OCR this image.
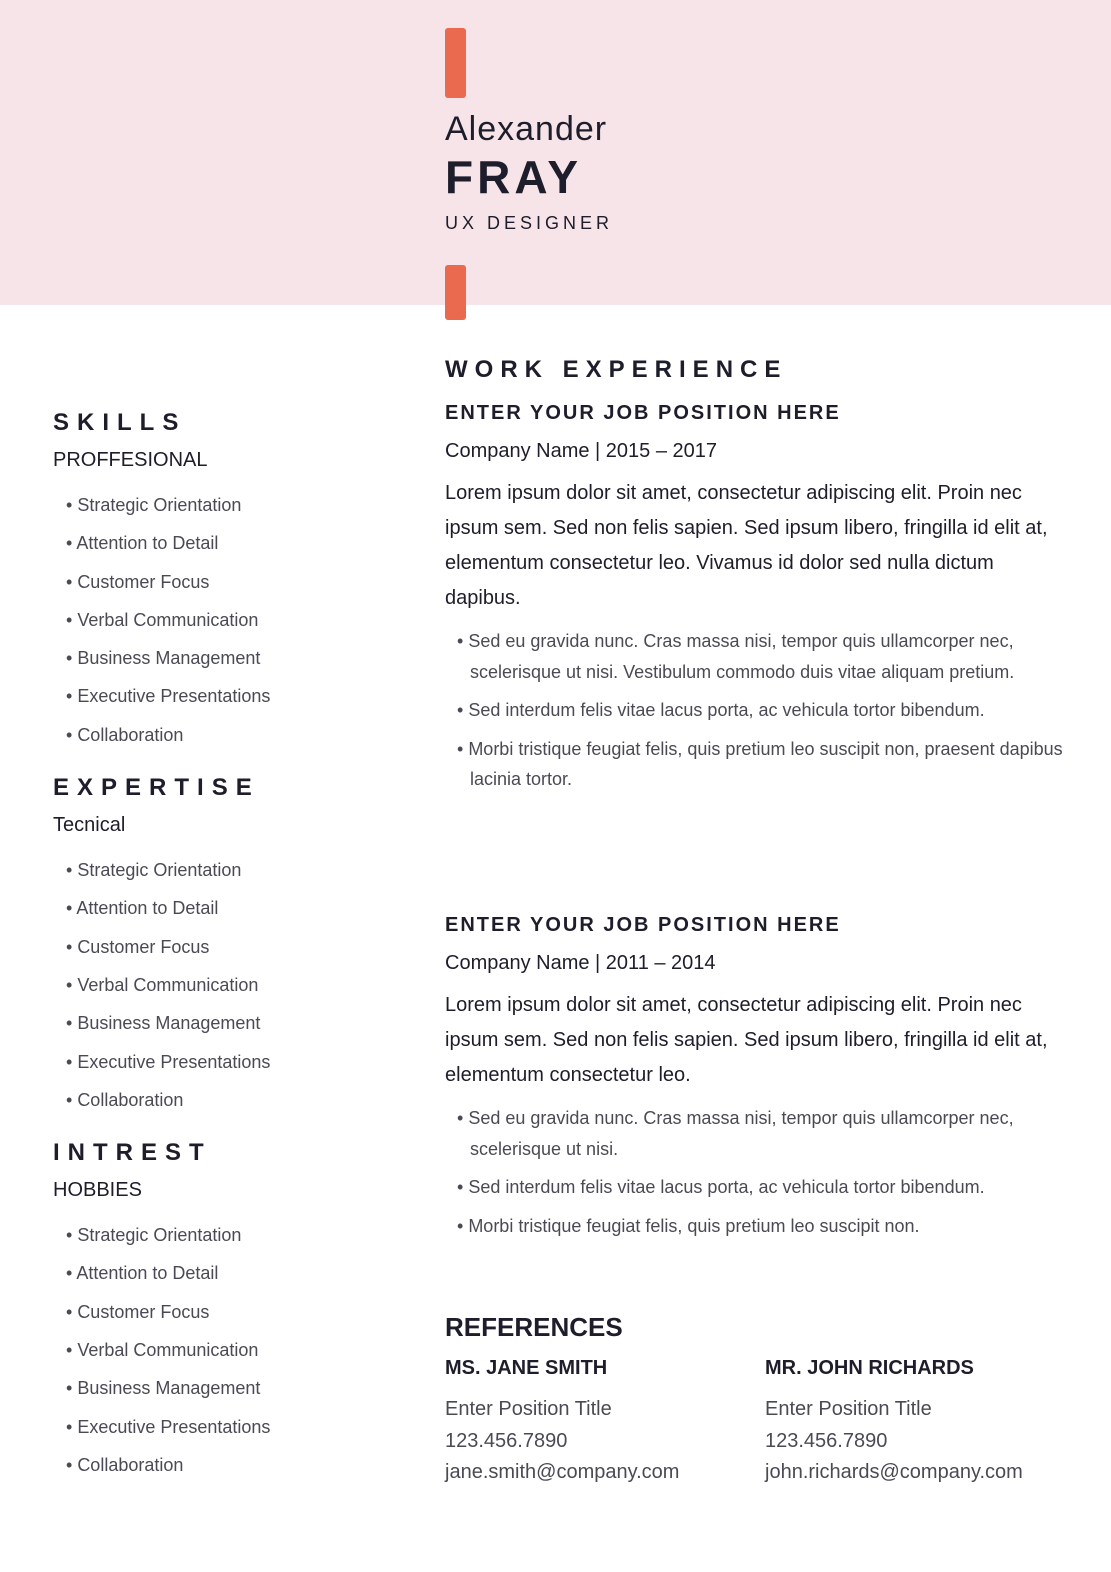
Alexander
FRAY
UX DESIGNER
SKILLS
PROFFESIONAL
• Strategic Orientation
• Attention to Detail
• Customer Focus
• Verbal Communication
• Business Management
• Executive Presentations
• Collaboration
EXPERTISE
Tecnical
• Strategic Orientation
• Attention to Detail
• Customer Focus
• Verbal Communication
• Business Management
• Executive Presentations
• Collaboration
INTREST
HOBBIES
• Strategic Orientation
• Attention to Detail
• Customer Focus
• Verbal Communication
• Business Management
• Executive Presentations
• Collaboration
WORK EXPERIENCE
ENTER YOUR JOB POSITION HERE
Company Name | 2015 – 2017

Lorem ipsum dolor sit amet, consectetur adipiscing elit. Proin nec ipsum sem. Sed non felis sapien. Sed ipsum libero, fringilla id elit at, elementum consectetur leo. Vivamus id dolor sed nulla dictum dapibus.

• Sed eu gravida nunc. Cras massa nisi, tempor quis ullamcorper nec, scelerisque ut nisi. Vestibulum commodo duis vitae aliquam pretium.
• Sed interdum felis vitae lacus porta, ac vehicula tortor bibendum.
• Morbi tristique feugiat felis, quis pretium leo suscipit non, praesent dapibus lacinia tortor.
ENTER YOUR JOB POSITION HERE
Company Name | 2011 – 2014

Lorem ipsum dolor sit amet, consectetur adipiscing elit. Proin nec ipsum sem. Sed non felis sapien. Sed ipsum libero, fringilla id elit at, elementum consectetur leo.

• Sed eu gravida nunc. Cras massa nisi, tempor quis ullamcorper nec, scelerisque ut nisi.
• Sed interdum felis vitae lacus porta, ac vehicula tortor bibendum.
• Morbi tristique feugiat felis, quis pretium leo suscipit non.
REFERENCES
MS. JANE SMITH
Enter Position Title
123.456.7890
jane.smith@company.com
MR. JOHN RICHARDS
Enter Position Title
123.456.7890
john.richards@company.com
